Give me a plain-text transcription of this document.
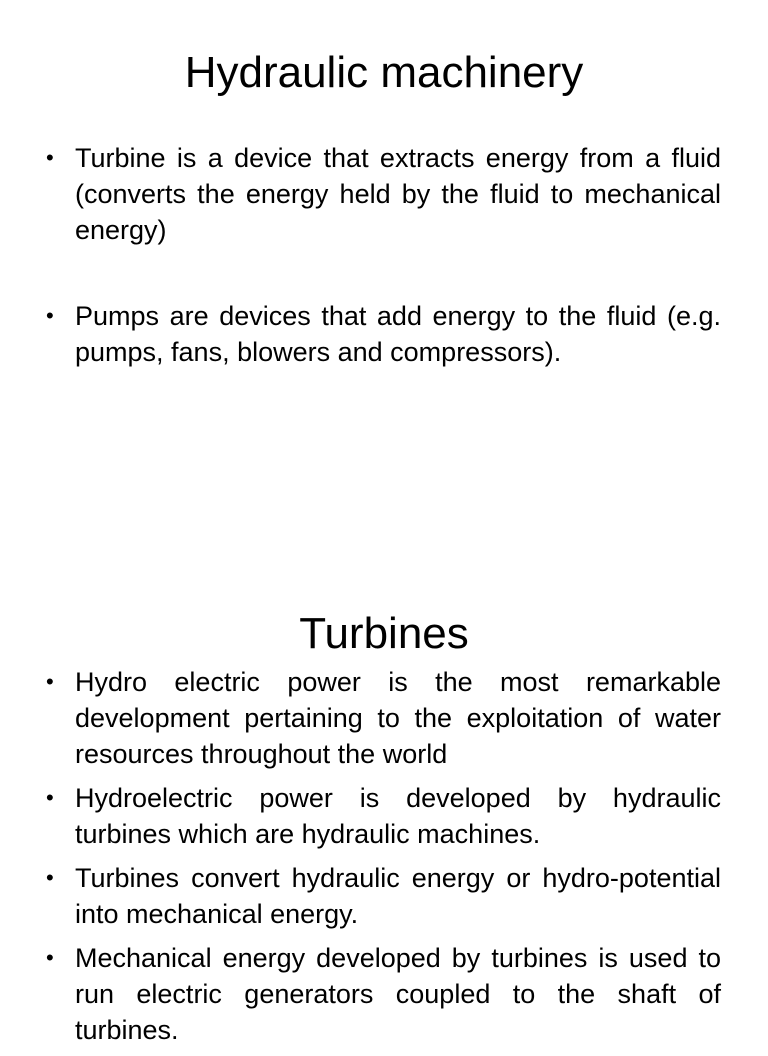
Hydraulic machinery
• Turbine is a device that extracts energy from a fluid (converts the energy held by the fluid to mechanical energy)
• Pumps are devices that add energy to the fluid (e.g. pumps, fans, blowers and compressors).
Turbines
• Hydro electric power is the most remarkable development pertaining to the exploitation of water resources throughout the world
• Hydroelectric power is developed by hydraulic turbines which are hydraulic machines.
• Turbines convert hydraulic energy or hydro-potential into mechanical energy.
• Mechanical energy developed by turbines is used to run electric generators coupled to the shaft of turbines.
